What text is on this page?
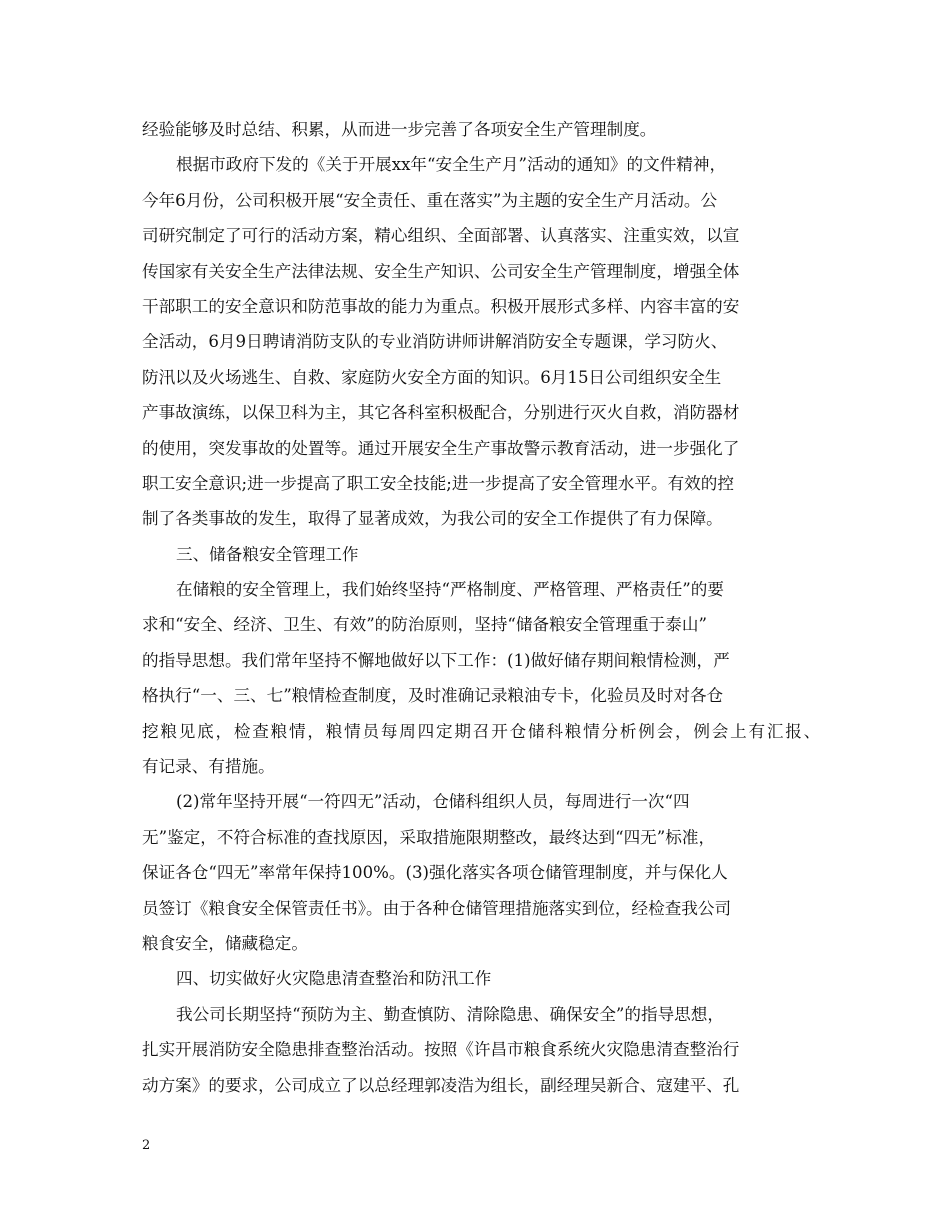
经验能够及时总结、积累，从而进一步完善了各项安全生产管理制度。
根据市政府下发的《关于开展xx年“安全生产月”活动的通知》的文件精神，
今年6月份，公司积极开展“安全责任、重在落实”为主题的安全生产月活动。公
司研究制定了可行的活动方案，精心组织、全面部署、认真落实、注重实效，以宣
传国家有关安全生产法律法规、安全生产知识、公司安全生产管理制度，增强全体
干部职工的安全意识和防范事故的能力为重点。积极开展形式多样、内容丰富的安
全活动，6月9日聘请消防支队的专业消防讲师讲解消防安全专题课，学习防火、
防汛以及火场逃生、自救、家庭防火安全方面的知识。6月15日公司组织安全生
产事故演练，以保卫科为主，其它各科室积极配合，分别进行灭火自救，消防器材
的使用，突发事故的处置等。通过开展安全生产事故警示教育活动，进一步强化了
职工安全意识;进一步提高了职工安全技能;进一步提高了安全管理水平。有效的控
制了各类事故的发生，取得了显著成效，为我公司的安全工作提供了有力保障。
三、储备粮安全管理工作
在储粮的安全管理上，我们始终坚持“严格制度、严格管理、严格责任”的要
求和“安全、经济、卫生、有效”的防治原则，坚持“储备粮安全管理重于泰山”
的指导思想。我们常年坚持不懈地做好以下工作：(1)做好储存期间粮情检测，严
格执行“一、三、七”粮情检查制度，及时准确记录粮油专卡，化验员及时对各仓
挖粮见底，检查粮情，粮情员每周四定期召开仓储科粮情分析例会，例会上有汇报、
有记录、有措施。
(2)常年坚持开展“一符四无”活动，仓储科组织人员，每周进行一次“四
无”鉴定，不符合标准的查找原因，采取措施限期整改，最终达到“四无”标准，
保证各仓“四无”率常年保持100%。(3)强化落实各项仓储管理制度，并与保化人
员签订《粮食安全保管责任书》。由于各种仓储管理措施落实到位，经检查我公司
粮食安全，储藏稳定。
四、切实做好火灾隐患清查整治和防汛工作
我公司长期坚持“预防为主、勤查慎防、清除隐患、确保安全”的指导思想，
扎实开展消防安全隐患排查整治活动。按照《许昌市粮食系统火灾隐患清查整治行
动方案》的要求，公司成立了以总经理郭凌浩为组长，副经理吴新合、寇建平、孔
2
